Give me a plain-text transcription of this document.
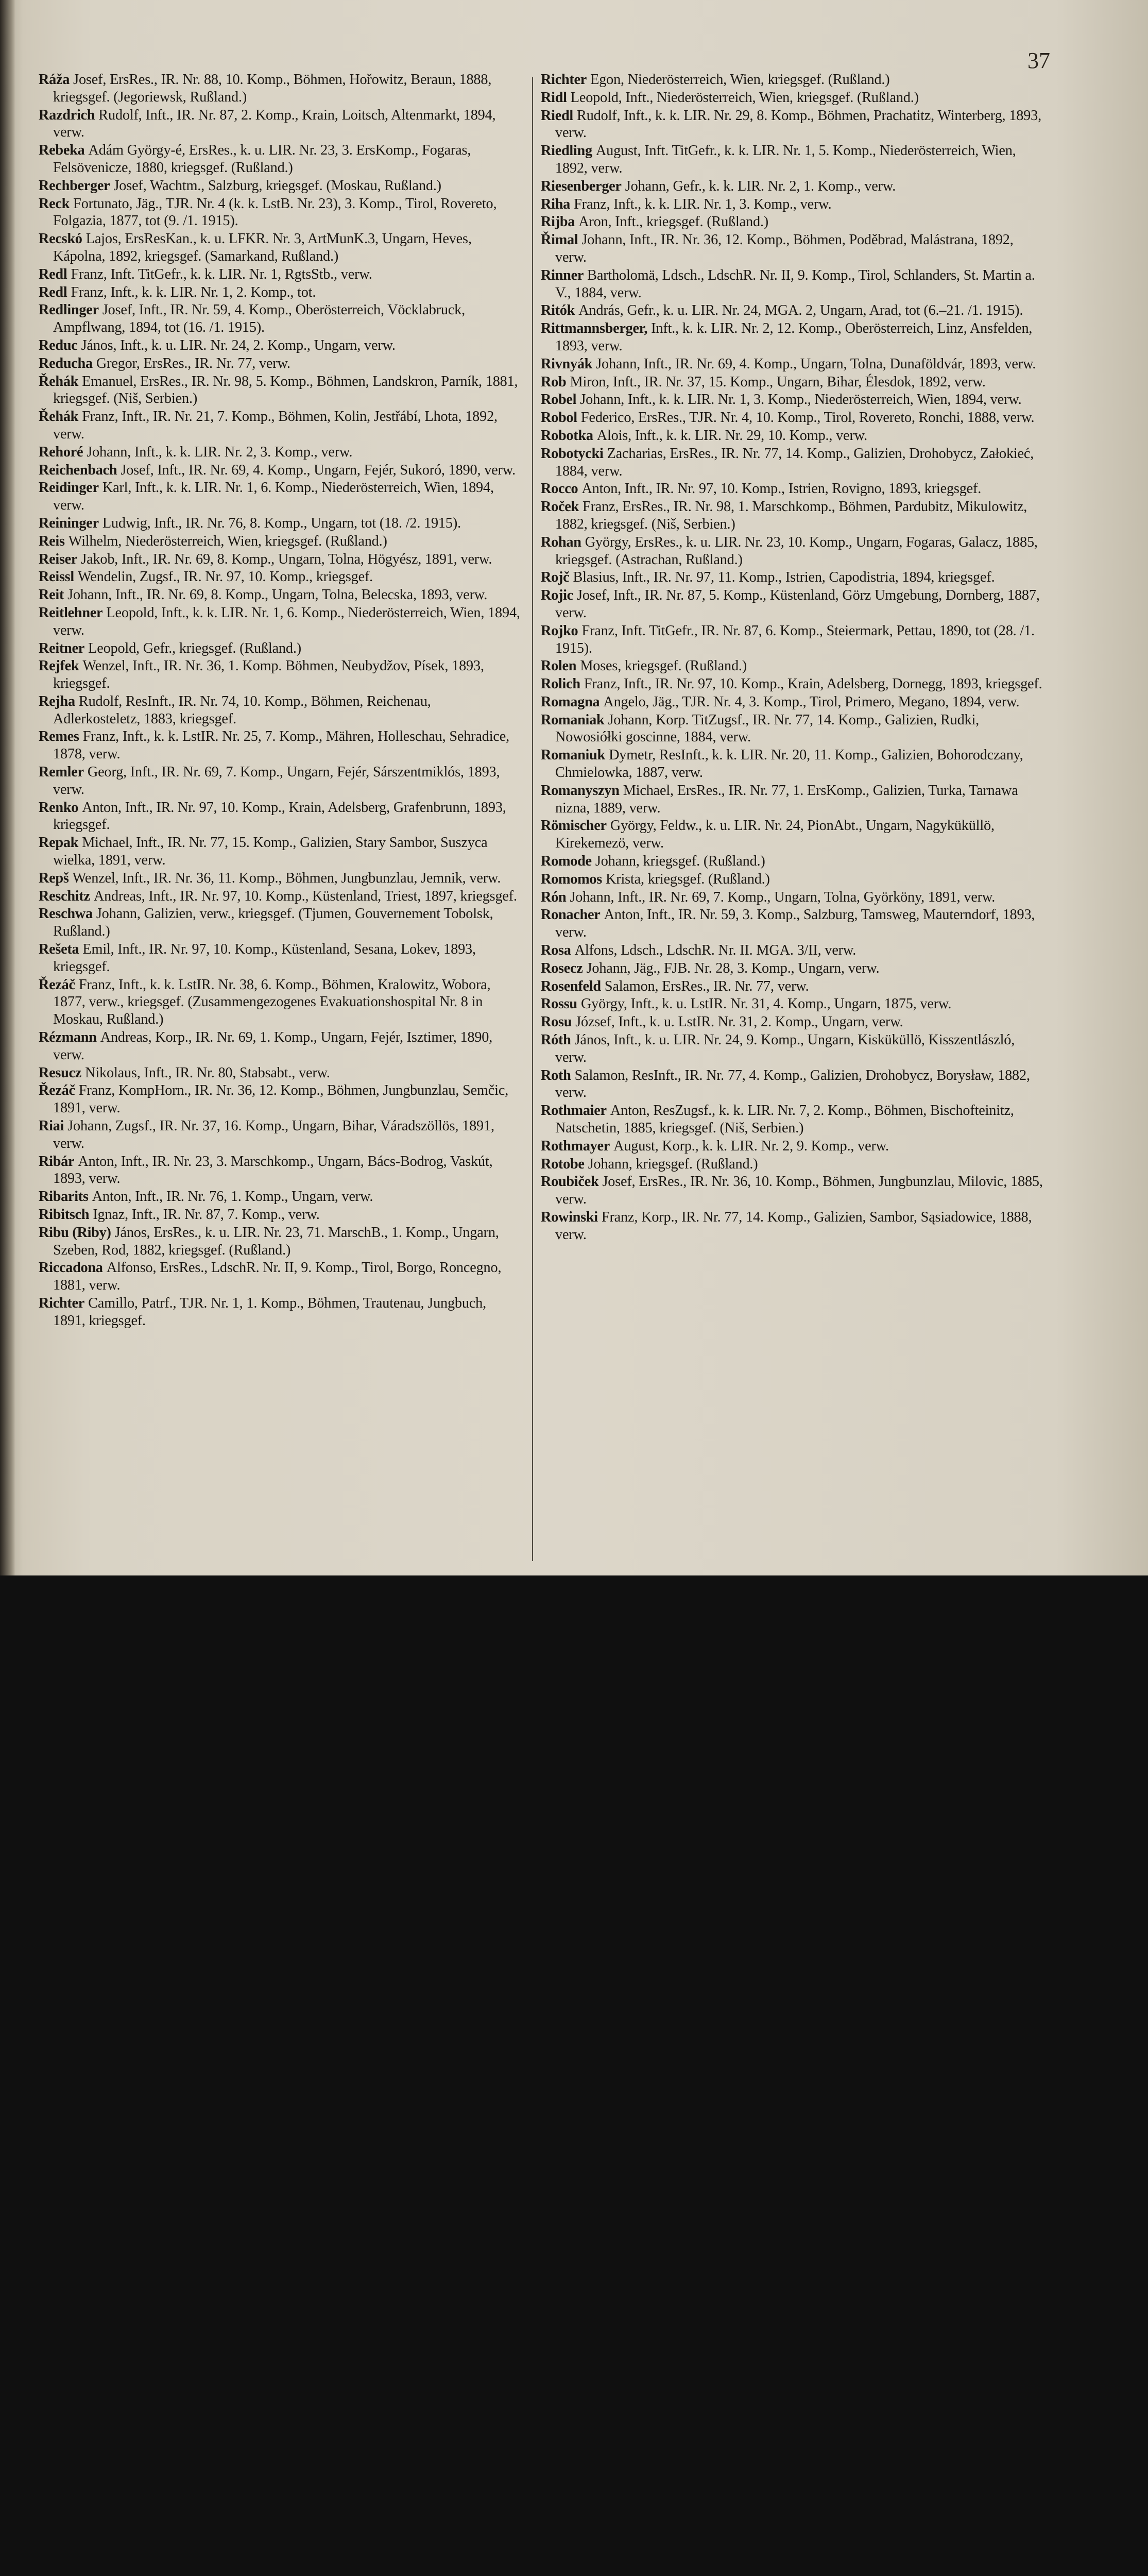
37
Ráža Josef, ErsRes., IR. Nr. 88, 10. Komp., Böhmen, Hořowitz, Beraun, 1888, kriegsgef. (Jegoriewsk, Rußland.)
Razdrich Rudolf, Inft., IR. Nr. 87, 2. Komp., Krain, Loitsch, Altenmarkt, 1894, verw.
Rebeka Adám György-é, ErsRes., k. u. LIR. Nr. 23, 3. ErsKomp., Fogaras, Felsövenicze, 1880, kriegsgef. (Rußland.)
Rechberger Josef, Wachtm., Salzburg, kriegsgef. (Moskau, Rußland.)
Reck Fortunato, Jäg., TJR. Nr. 4 (k. k. LstB. Nr. 23), 3. Komp., Tirol, Rovereto, Folgazia, 1877, tot (9. /1. 1915).
Recskó Lajos, ErsResKan., k. u. LFKR. Nr. 3, ArtMunK.3, Ungarn, Heves, Kápolna, 1892, kriegsgef. (Samarkand, Rußland.)
Redl Franz, Inft. TitGefr., k. k. LIR. Nr. 1, RgtsStb., verw.
Redl Franz, Inft., k. k. LIR. Nr. 1, 2. Komp., tot.
Redlinger Josef, Inft., IR. Nr. 59, 4. Komp., Oberösterreich, Vöcklabruck, Ampflwang, 1894, tot (16. /1. 1915).
Reduc János, Inft., k. u. LIR. Nr. 24, 2. Komp., Ungarn, verw.
Reducha Gregor, ErsRes., IR. Nr. 77, verw.
Řehák Emanuel, ErsRes., IR. Nr. 98, 5. Komp., Böhmen, Landskron, Parník, 1881, kriegsgef. (Niš, Serbien.)
Řehák Franz, Inft., IR. Nr. 21, 7. Komp., Böhmen, Kolin, Jestřábí, Lhota, 1892, verw.
Rehoré Johann, Inft., k. k. LIR. Nr. 2, 3. Komp., verw.
Reichenbach Josef, Inft., IR. Nr. 69, 4. Komp., Ungarn, Fejér, Sukoró, 1890, verw.
Reidinger Karl, Inft., k. k. LIR. Nr. 1, 6. Komp., Niederösterreich, Wien, 1894, verw.
Reininger Ludwig, Inft., IR. Nr. 76, 8. Komp., Ungarn, tot (18. /2. 1915).
Reis Wilhelm, Niederösterreich, Wien, kriegsgef. (Rußland.)
Reiser Jakob, Inft., IR. Nr. 69, 8. Komp., Ungarn, Tolna, Högyész, 1891, verw.
Reissl Wendelin, Zugsf., IR. Nr. 97, 10. Komp., kriegsgef.
Reit Johann, Inft., IR. Nr. 69, 8. Komp., Ungarn, Tolna, Belecska, 1893, verw.
Reitlehner Leopold, Inft., k. k. LIR. Nr. 1, 6. Komp., Niederösterreich, Wien, 1894, verw.
Reitner Leopold, Gefr., kriegsgef. (Rußland.)
Rejfek Wenzel, Inft., IR. Nr. 36, 1. Komp. Böhmen, Neubydžov, Písek, 1893, kriegsgef.
Rejha Rudolf, ResInft., IR. Nr. 74, 10. Komp., Böhmen, Reichenau, Adlerkosteletz, 1883, kriegsgef.
Remes Franz, Inft., k. k. LstIR. Nr. 25, 7. Komp., Mähren, Holleschau, Sehradice, 1878, verw.
Remler Georg, Inft., IR. Nr. 69, 7. Komp., Ungarn, Fejér, Sárszentmiklós, 1893, verw.
Renko Anton, Inft., IR. Nr. 97, 10. Komp., Krain, Adelsberg, Grafenbrunn, 1893, kriegsgef.
Repak Michael, Inft., IR. Nr. 77, 15. Komp., Galizien, Stary Sambor, Suszyca wielka, 1891, verw.
Repš Wenzel, Inft., IR. Nr. 36, 11. Komp., Böhmen, Jungbunzlau, Jemnik, verw.
Reschitz Andreas, Inft., IR. Nr. 97, 10. Komp., Küstenland, Triest, 1897, kriegsgef.
Reschwa Johann, Galizien, verw., kriegsgef. (Tjumen, Gouvernement Tobolsk, Rußland.)
Rešeta Emil, Inft., IR. Nr. 97, 10. Komp., Küstenland, Sesana, Lokev, 1893, kriegsgef.
Řezáč Franz, Inft., k. k. LstIR. Nr. 38, 6. Komp., Böhmen, Kralowitz, Wobora, 1877, verw., kriegsgef. (Zusammengezogenes Evakuationshospital Nr. 8 in Moskau, Rußland.)
Rézmann Andreas, Korp., IR. Nr. 69, 1. Komp., Ungarn, Fejér, Isztimer, 1890, verw.
Resucz Nikolaus, Inft., IR. Nr. 80, Stabsabt., verw.
Řezáč Franz, KompHorn., IR. Nr. 36, 12. Komp., Böhmen, Jungbunzlau, Semčic, 1891, verw.
Riai Johann, Zugsf., IR. Nr. 37, 16. Komp., Ungarn, Bihar, Váradszöllös, 1891, verw.
Ribár Anton, Inft., IR. Nr. 23, 3. Marschkomp., Ungarn, Bács-Bodrog, Vaskút, 1893, verw.
Ribarits Anton, Inft., IR. Nr. 76, 1. Komp., Ungarn, verw.
Ribitsch Ignaz, Inft., IR. Nr. 87, 7. Komp., verw.
Ribu (Riby) János, ErsRes., k. u. LIR. Nr. 23, 71. MarschB., 1. Komp., Ungarn, Szeben, Rod, 1882, kriegsgef. (Rußland.)
Riccadona Alfonso, ErsRes., LdschR. Nr. II, 9. Komp., Tirol, Borgo, Roncegno, 1881, verw.
Richter Camillo, Patrf., TJR. Nr. 1, 1. Komp., Böhmen, Trautenau, Jungbuch, 1891, kriegsgef.
Richter Egon, Niederösterreich, Wien, kriegsgef. (Rußland.)
Ridl Leopold, Inft., Niederösterreich, Wien, kriegsgef. (Rußland.)
Riedl Rudolf, Inft., k. k. LIR. Nr. 29, 8. Komp., Böhmen, Prachatitz, Winterberg, 1893, verw.
Riedling August, Inft. TitGefr., k. k. LIR. Nr. 1, 5. Komp., Niederösterreich, Wien, 1892, verw.
Riesenberger Johann, Gefr., k. k. LIR. Nr. 2, 1. Komp., verw.
Riha Franz, Inft., k. k. LIR. Nr. 1, 3. Komp., verw.
Rijba Aron, Inft., kriegsgef. (Rußland.)
Řimal Johann, Inft., IR. Nr. 36, 12. Komp., Böhmen, Poděbrad, Malástrana, 1892, verw.
Rinner Bartholomä, Ldsch., LdschR. Nr. II, 9. Komp., Tirol, Schlanders, St. Martin a. V., 1884, verw.
Ritók András, Gefr., k. u. LIR. Nr. 24, MGA. 2, Ungarn, Arad, tot (6.–21. /1. 1915).
Rittmannsberger, Inft., k. k. LIR. Nr. 2, 12. Komp., Oberösterreich, Linz, Ansfelden, 1893, verw.
Rivnyák Johann, Inft., IR. Nr. 69, 4. Komp., Ungarn, Tolna, Dunaföldvár, 1893, verw.
Rob Miron, Inft., IR. Nr. 37, 15. Komp., Ungarn, Bihar, Élesdok, 1892, verw.
Robel Johann, Inft., k. k. LIR. Nr. 1, 3. Komp., Niederösterreich, Wien, 1894, verw.
Robol Federico, ErsRes., TJR. Nr. 4, 10. Komp., Tirol, Rovereto, Ronchi, 1888, verw.
Robotka Alois, Inft., k. k. LIR. Nr. 29, 10. Komp., verw.
Robotycki Zacharias, ErsRes., IR. Nr. 77, 14. Komp., Galizien, Drohobycz, Załokieć, 1884, verw.
Rocco Anton, Inft., IR. Nr. 97, 10. Komp., Istrien, Rovigno, 1893, kriegsgef.
Roček Franz, ErsRes., IR. Nr. 98, 1. Marschkomp., Böhmen, Pardubitz, Mikulowitz, 1882, kriegsgef. (Niš, Serbien.)
Rohan György, ErsRes., k. u. LIR. Nr. 23, 10. Komp., Ungarn, Fogaras, Galacz, 1885, kriegsgef. (Astrachan, Rußland.)
Rojč Blasius, Inft., IR. Nr. 97, 11. Komp., Istrien, Capodistria, 1894, kriegsgef.
Rojic Josef, Inft., IR. Nr. 87, 5. Komp., Küstenland, Görz Umgebung, Dornberg, 1887, verw.
Rojko Franz, Inft. TitGefr., IR. Nr. 87, 6. Komp., Steiermark, Pettau, 1890, tot (28. /1. 1915).
Rolen Moses, kriegsgef. (Rußland.)
Rolich Franz, Inft., IR. Nr. 97, 10. Komp., Krain, Adelsberg, Dornegg, 1893, kriegsgef.
Romagna Angelo, Jäg., TJR. Nr. 4, 3. Komp., Tirol, Primero, Megano, 1894, verw.
Romaniak Johann, Korp. TitZugsf., IR. Nr. 77, 14. Komp., Galizien, Rudki, Nowosiółki goscinne, 1884, verw.
Romaniuk Dymetr, ResInft., k. k. LIR. Nr. 20, 11. Komp., Galizien, Bohorodczany, Chmielowka, 1887, verw.
Romanyszyn Michael, ErsRes., IR. Nr. 77, 1. ErsKomp., Galizien, Turka, Tarnawa nizna, 1889, verw.
Römischer György, Feldw., k. u. LIR. Nr. 24, PionAbt., Ungarn, Nagyküküllö, Kirekemezö, verw.
Romode Johann, kriegsgef. (Rußland.)
Romomos Krista, kriegsgef. (Rußland.)
Rón Johann, Inft., IR. Nr. 69, 7. Komp., Ungarn, Tolna, Györköny, 1891, verw.
Ronacher Anton, Inft., IR. Nr. 59, 3. Komp., Salzburg, Tamsweg, Mauterndorf, 1893, verw.
Rosa Alfons, Ldsch., LdschR. Nr. II. MGA. 3/II, verw.
Rosecz Johann, Jäg., FJB. Nr. 28, 3. Komp., Ungarn, verw.
Rosenfeld Salamon, ErsRes., IR. Nr. 77, verw.
Rossu György, Inft., k. u. LstIR. Nr. 31, 4. Komp., Ungarn, 1875, verw.
Rosu József, Inft., k. u. LstIR. Nr. 31, 2. Komp., Ungarn, verw.
Róth János, Inft., k. u. LIR. Nr. 24, 9. Komp., Ungarn, Kisküküllö, Kisszentlászló, verw.
Roth Salamon, ResInft., IR. Nr. 77, 4. Komp., Galizien, Drohobycz, Borysław, 1882, verw.
Rothmaier Anton, ResZugsf., k. k. LIR. Nr. 7, 2. Komp., Böhmen, Bischofteinitz, Natschetin, 1885, kriegsgef. (Niš, Serbien.)
Rothmayer August, Korp., k. k. LIR. Nr. 2, 9. Komp., verw.
Rotobe Johann, kriegsgef. (Rußland.)
Roubiček Josef, ErsRes., IR. Nr. 36, 10. Komp., Böhmen, Jungbunzlau, Milovic, 1885, verw.
Rowinski Franz, Korp., IR. Nr. 77, 14. Komp., Galizien, Sambor, Sąsiadowice, 1888, verw.
